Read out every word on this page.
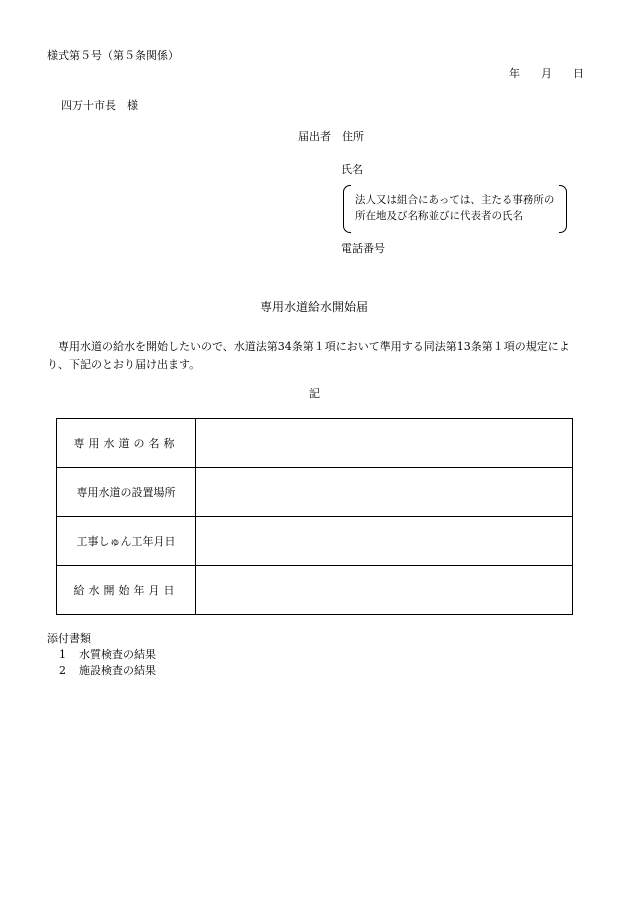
様式第５号（第５条関係）
年 月 日
四万十市長　様
届出者　住所
氏名
法人又は組合にあっては、主たる事務所の所在地及び名称並びに代表者の氏名
電話番号
専用水道給水開始届
専用水道の給水を開始したいので、水道法第34条第１項において準用する同法第13条第１項の規定により、下記のとおり届け出ます。
記
専用水道の名称	
専用水道の設置場所	
工事しゅん工年月日	
給水開始年月日	
添付書類
1 水質検査の結果
2 施設検査の結果
